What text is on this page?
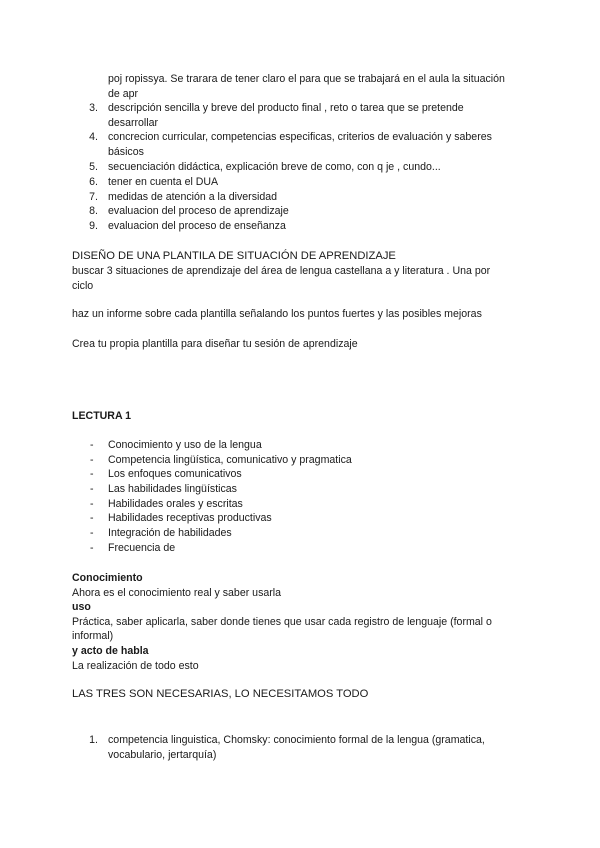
poj ropissya. Se trarara de tener claro el para que se trabajará en el aula la situación
de apr
3. descripción sencilla y breve del producto final , reto o tarea que se pretende
desarrollar
4. concrecion curricular, competencias especificas, criterios de evaluación y saberes
básicos
5. secuenciación didáctica, explicación breve de como, con q je , cundo...
6. tener en cuenta el DUA
7. medidas de atención a la diversidad
8. evaluacion del proceso de aprendizaje
9. evaluacion del proceso de enseñanza
DISEÑO DE UNA PLANTILA DE SITUACIÓN DE APRENDIZAJE
buscar 3 situaciones de aprendizaje del área de lengua castellana a y literatura . Una por
ciclo
haz un informe sobre cada plantilla señalando los puntos fuertes y las posibles mejoras
Crea tu propia plantilla para diseñar tu sesión de aprendizaje
LECTURA 1
- Conocimiento y uso de la lengua
- Competencia lingüística, comunicativo y pragmatica
- Los enfoques comunicativos
- Las habilidades lingüísticas
- Habilidades orales y escritas
- Habilidades receptivas productivas
- Integración de habilidades
- Frecuencia de
Conocimiento
Ahora es el conocimiento real y saber usarla
uso
Práctica, saber aplicarla, saber donde tienes que usar cada registro de lenguaje (formal o
informal)
y acto de habla
La realización de todo esto
LAS TRES SON NECESARIAS, LO NECESITAMOS TODO
1. competencia linguistica, Chomsky: conocimiento formal de la lengua (gramatica,
vocabulario, jertarquía)
